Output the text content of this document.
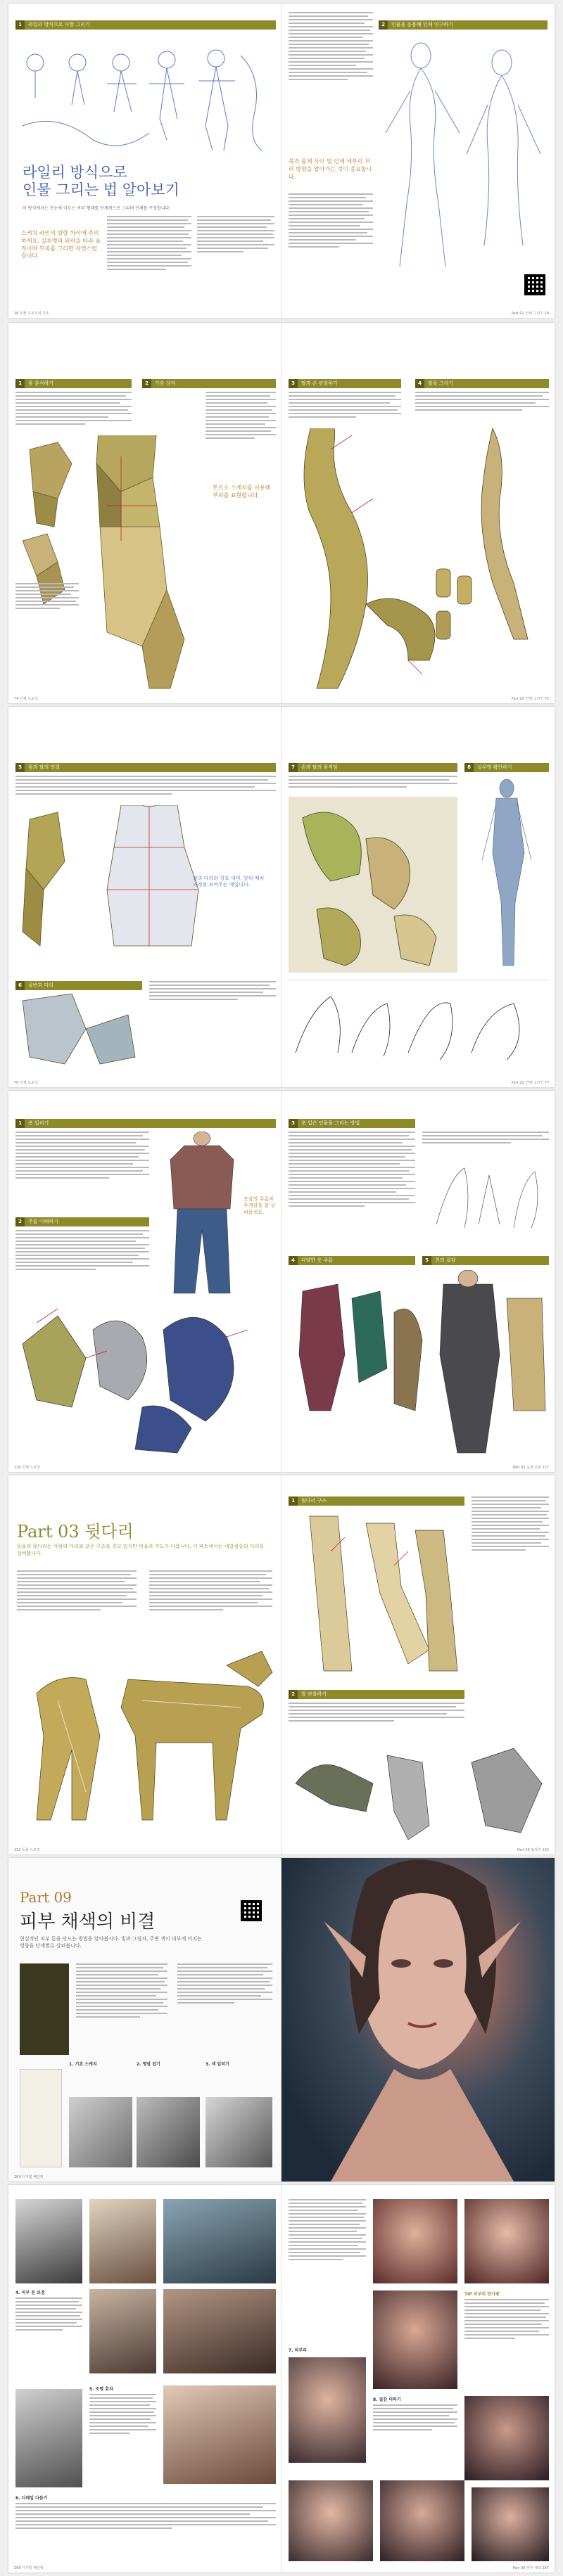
1	라일리 방식으로 사람 그리기
라일리 방식으로
인물 그리는 법 알아보기
이 방식에서는 모눈에 이르는 여러 형태를 단계적으로 그리며 인체를 구성합니다.
스케치 라인의 방향 차이에 주의 하세요. 실루엣의 외곽을 따라 움직이며 부피를 그리면 자연스럽습니다.
28 인물 드로잉의 기초
2	인물을 응용해 인체 연구하기
목과 몸체 사이 및 인체 세부의 처리 방향을 알아가는 것이 중요합니다.
Part 01 인체 그리기 29
1	몸 분석하기	2	가슴 상자
토르소 스케치를 이용해 부피를 표현합니다.
74 인체 드로잉
3	팔과 손 관찰하기	4	팔을 그리기
Part 02 인체 그리기 75
5	몸과 팔의 연결
팔과 다리의 상호 대비, 앞뒤 배치 과정을 보여주는 예입니다.
6	골반과 다리
76 인체 드로잉
7	손과 팔의 움직임	8	실루엣 확인하기
Part 02 인체 그리기 77
1	옷 입히기
옷감의 주름과 무게감을 잘 살펴보세요.
2	주름 이해하기
126 인체 드로잉
3	옷 입은 인물을 그리는 방법
4	다양한 옷 주름	5	천의 질감
Part 03 옷과 주름 127
Part 03 뒷다리
동물의 뒷다리는 사람의 다리와 같은 구조를 갖고 있지만 비율과 각도가 다릅니다. 이 파트에서는 네발짐승의 다리를 살펴봅니다.
132 동물 드로잉
1	뒷다리 구조
2	발 관찰하기
Part 03 뒷다리 133
Part 09
피부 채색의 비결
현실적인 피부 톤을 만드는 방법을 알아봅시다. 빛과 그림자, 주변 색이 피부에 미치는 영향을 단계별로 살펴봅니다.
1. 기본 스케치	2. 명암 잡기	3. 색 입히기
264 디지털 페인팅
4. 피부 톤 보정
5. 조명 효과
6. 디테일 다듬기
266 디지털 페인팅
7. 마무리
TIP 피부의 반사광
8. 질감 더하기
Part 09 피부 채색 267
